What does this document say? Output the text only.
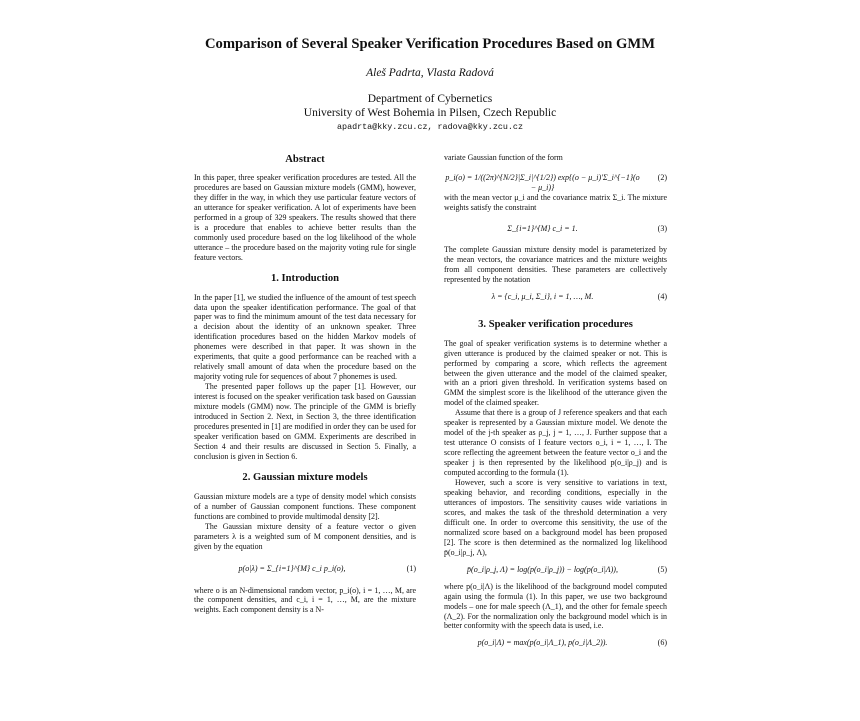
Comparison of Several Speaker Verification Procedures Based on GMM
Aleš Padrta, Vlasta Radová
Department of Cybernetics
University of West Bohemia in Pilsen, Czech Republic
apadrta@kky.zcu.cz, radova@kky.zcu.cz
Abstract

In this paper, three speaker verification procedures are tested. All the procedures are based on Gaussian mixture models (GMM), however, they differ in the way, in which they use particular feature vectors of an utterance for speaker verification. A lot of experiments have been performed in a group of 329 speakers. The results showed that there is a procedure that enables to achieve better results than the commonly used procedure based on the log likelihood of the whole utterance – the procedure based on the majority voting rule for single feature vectors.

1. Introduction

In the paper [1], we studied the influence of the amount of test speech data upon the speaker identification performance. The goal of that paper was to find the minimum amount of the test data necessary for a decision about the identity of an unknown speaker. Three identification procedures based on the hidden Markov models of phonemes were described in that paper. It was shown in the experiments, that quite a good performance can be reached with a relatively small amount of data when the procedure based on the majority voting rule for sequences of about 7 phonemes is used.

The presented paper follows up the paper [1]. However, our interest is focused on the speaker verification task based on Gaussian mixture models (GMM) now. The principle of the GMM is briefly introduced in Section 2. Next, in Section 3, the three identification procedures presented in [1] are modified in order they can be used for speaker verification based on GMM. Experiments are described in Section 4 and their results are discussed in Section 5. Finally, a conclusion is given in Section 6.

2. Gaussian mixture models

Gaussian mixture models are a type of density model which consists of a number of Gaussian component functions. These component functions are combined to provide multimodal density [2].

The Gaussian mixture density of a feature vector o given parameters λ is a weighted sum of M component densities, and is given by the equation

p(o|λ) = Σ_{i=1}^{M} c_i p_i(o),	(1)

where o is an N-dimensional random vector, p_i(o), i = 1, …, M, are the component densities, and c_i, i = 1, …, M, are the mixture weights. Each component density is a N-

variate Gaussian function of the form

p_i(o) = 1/((2π)^{N/2}|Σ_i|^{1/2}) exp{(o − μ_i)′Σ_i^{−1}(o − μ_i)}
(2)

with the mean vector μ_i and the covariance matrix Σ_i. The mixture weights satisfy the constraint

Σ_{i=1}^{M} c_i = 1.	(3)

The complete Gaussian mixture density model is parameterized by the mean vectors, the covariance matrices and the mixture weights from all component densities. These parameters are collectively represented by the notation

λ = {c_i, μ_i, Σ_i}, i = 1, …, M.	(4)
3. Speaker verification procedures

The goal of speaker verification systems is to determine whether a given utterance is produced by the claimed speaker or not. This is performed by comparing a score, which reflects the agreement between the given utterance and the model of the claimed speaker, with an a priori given threshold. In verification systems based on GMM the simplest score is the likelihood of the utterance given the model of the claimed speaker.

Assume that there is a group of J reference speakers and that each speaker is represented by a Gaussian mixture model. We denote the model of the j-th speaker as ρ_j, j = 1, …, J. Further suppose that a test utterance O consists of I feature vectors o_i, i = 1, …, I. The score reflecting the agreement between the feature vector o_i and the speaker j is then represented by the likelihood p(o_i|ρ_j) and is computed according to the formula (1).

However, such a score is very sensitive to variations in text, speaking behavior, and recording conditions, especially in the utterances of impostors. The sensitivity causes wide variations in scores, and makes the task of the threshold determination a very difficult one. In order to overcome this sensitivity, the use of the normalized score based on a background model has been proposed [2]. The score is then determined as the normalized log likelihood p̄(o_i|ρ_j, Λ),

p̄(o_i|ρ_j, Λ) = log(p(o_i|ρ_j)) − log(p(o_i|Λ)),	(5)

where p(o_i|Λ) is the likelihood of the background model computed again using the formula (1). In this paper, we use two background models – one for male speech (Λ_1), and the other for female speech (Λ_2). For the normalization only the background model which is in better conformity with the speech data is used, i.e.

p(o_i|Λ) = max(p(o_i|Λ_1), p(o_i|Λ_2)).	(6)
